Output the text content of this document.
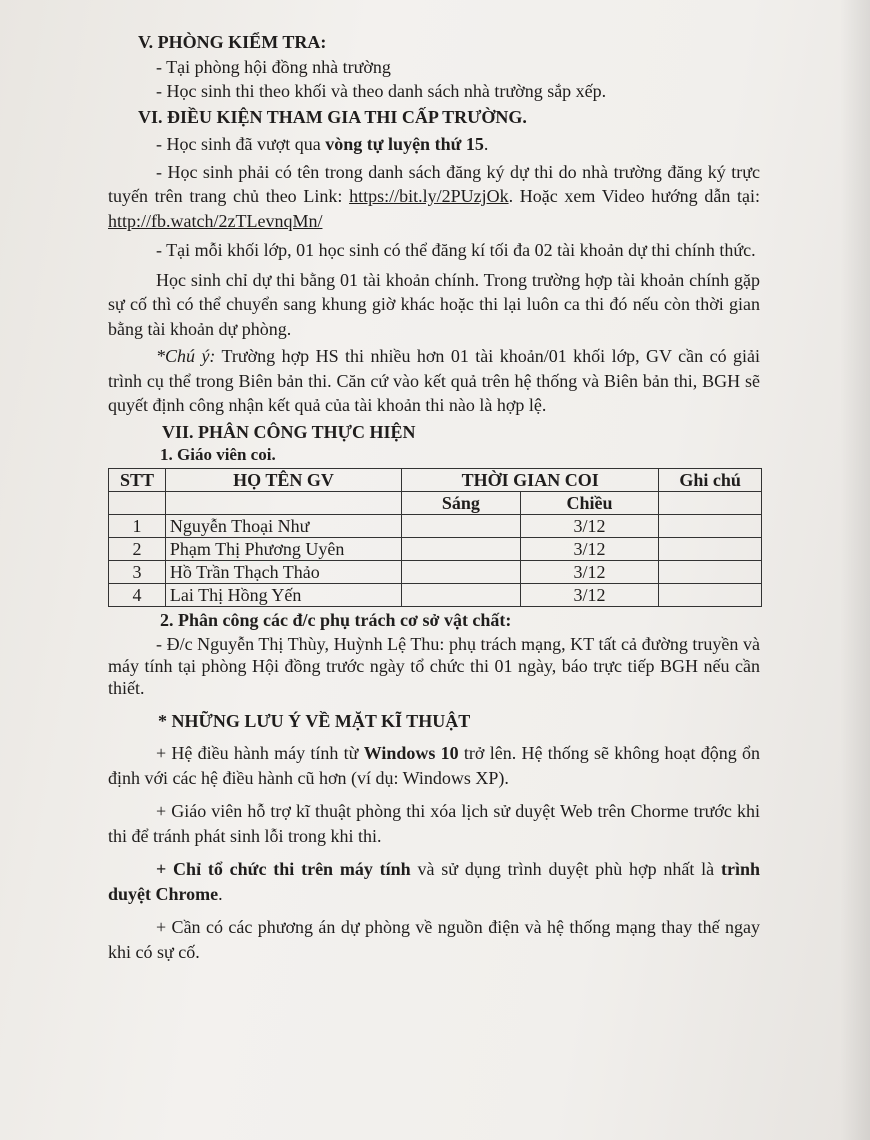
V. PHÒNG KIỂM TRA:
- Tại phòng hội đồng nhà trường
- Học sinh thi theo khối và theo danh sách nhà trường sắp xếp.
VI. ĐIỀU KIỆN THAM GIA THI CẤP TRƯỜNG.
- Học sinh đã vượt qua vòng tự luyện thứ 15.
- Học sinh phải có tên trong danh sách đăng ký dự thi do nhà trường đăng ký trực tuyến trên trang chủ theo Link: https://bit.ly/2PUzjOk. Hoặc xem Video hướng dẫn tại: http://fb.watch/2zTLevnqMn/
- Tại mỗi khối lớp, 01 học sinh có thể đăng kí tối đa 02 tài khoản dự thi chính thức.
Học sinh chỉ dự thi bằng 01 tài khoản chính. Trong trường hợp tài khoản chính gặp sự cố thì có thể chuyển sang khung giờ khác hoặc thi lại luôn ca thi đó nếu còn thời gian bằng tài khoản dự phòng.
*Chú ý: Trường hợp HS thi nhiều hơn 01 tài khoản/01 khối lớp, GV cần có giải trình cụ thể trong Biên bản thi. Căn cứ vào kết quả trên hệ thống và Biên bản thi, BGH sẽ quyết định công nhận kết quả của tài khoản thi nào là hợp lệ.
VII. PHÂN CÔNG THỰC HIỆN
1. Giáo viên coi.
STT	HỌ TÊN GV	THỜI GIAN COI		Ghi chú
		Sáng	Chiều	
1	Nguyễn Thoại Như		3/12	
2	Phạm Thị Phương Uyên		3/12	
3	Hồ Trần Thạch Thảo		3/12	
4	Lai Thị Hồng Yến		3/12	
2. Phân công các đ/c phụ trách cơ sở vật chất:
- Đ/c Nguyễn Thị Thùy, Huỳnh Lệ Thu: phụ trách mạng, KT tất cả đường truyền và máy tính tại phòng Hội đồng trước ngày tổ chức thi 01 ngày, báo trực tiếp BGH nếu cần thiết.
* NHỮNG LƯU Ý VỀ MẶT KĨ THUẬT
+ Hệ điều hành máy tính từ Windows 10 trở lên. Hệ thống sẽ không hoạt động ổn định với các hệ điều hành cũ hơn (ví dụ: Windows XP).
+ Giáo viên hỗ trợ kĩ thuật phòng thi xóa lịch sử duyệt Web trên Chorme trước khi thi để tránh phát sinh lỗi trong khi thi.
+ Chỉ tổ chức thi trên máy tính và sử dụng trình duyệt phù hợp nhất là trình duyệt Chrome.
+ Cần có các phương án dự phòng về nguồn điện và hệ thống mạng thay thế ngay khi có sự cố.
